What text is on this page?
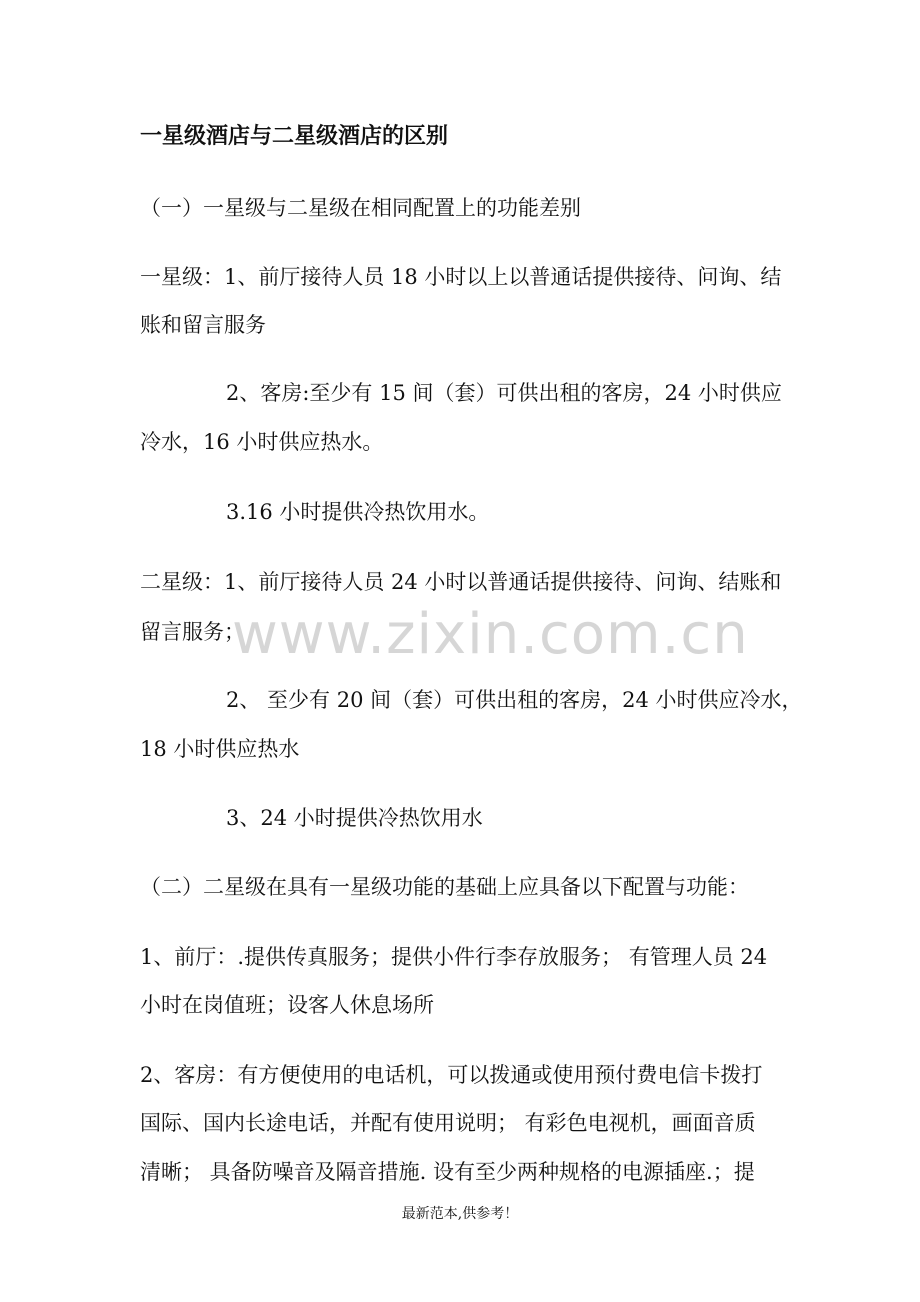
一星级酒店与二星级酒店的区别
（一）一星级与二星级在相同配置上的功能差别
一星级：1、前厅接待人员 18 小时以上以普通话提供接待、问询、结
账和留言服务
2、客房:至少有 15 间（套）可供出租的客房，24 小时供应
冷水，16 小时供应热水。
3.16 小时提供冷热饮用水。
二星级：1、前厅接待人员 24 小时以普通话提供接待、问询、结账和
留言服务；
2、 至少有 20 间（套）可供出租的客房，24 小时供应冷水，
18 小时供应热水
3、24 小时提供冷热饮用水
（二）二星级在具有一星级功能的基础上应具备以下配置与功能：
1、前厅：.提供传真服务；提供小件行李存放服务； 有管理人员 24
小时在岗值班；设客人休息场所
2、客房：有方便使用的电话机，可以拨通或使用预付费电信卡拨打
国际、国内长途电话，并配有使用说明； 有彩色电视机，画面音质
清晰； 具备防噪音及隔音措施. 设有至少两种规格的电源插座.；提
www.zixin.com.cn
最新范本,供参考！
